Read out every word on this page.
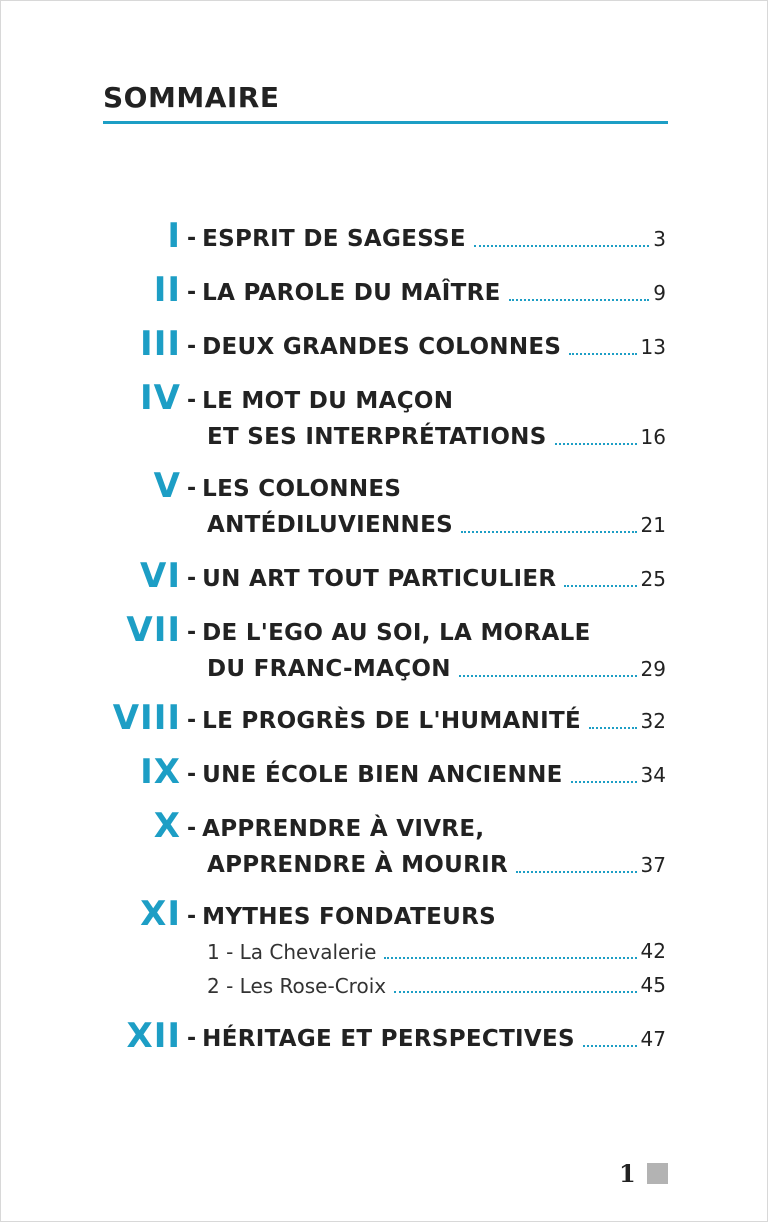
SOMMAIRE
I - ESPRIT DE SAGESSE	3
II - LA PAROLE DU MAÎTRE	9
III - DEUX GRANDES COLONNES	13
IV - LE MOT DU MAÇON
ET SES INTERPRÉTATIONS	16
V - LES COLONNES
ANTÉDILUVIENNES	21
VI - UN ART TOUT PARTICULIER	25
VII - DE L'EGO AU SOI, LA MORALE
DU FRANC-MAÇON	29
VIII - LE PROGRÈS DE L'HUMANITÉ	32
IX - UNE ÉCOLE BIEN ANCIENNE	34
X - APPRENDRE À VIVRE,
APPRENDRE À MOURIR	37
XI - MYTHES FONDATEURS
1 - La Chevalerie	42
2 - Les Rose-Croix	45
XII - HÉRITAGE ET PERSPECTIVES	47
1
